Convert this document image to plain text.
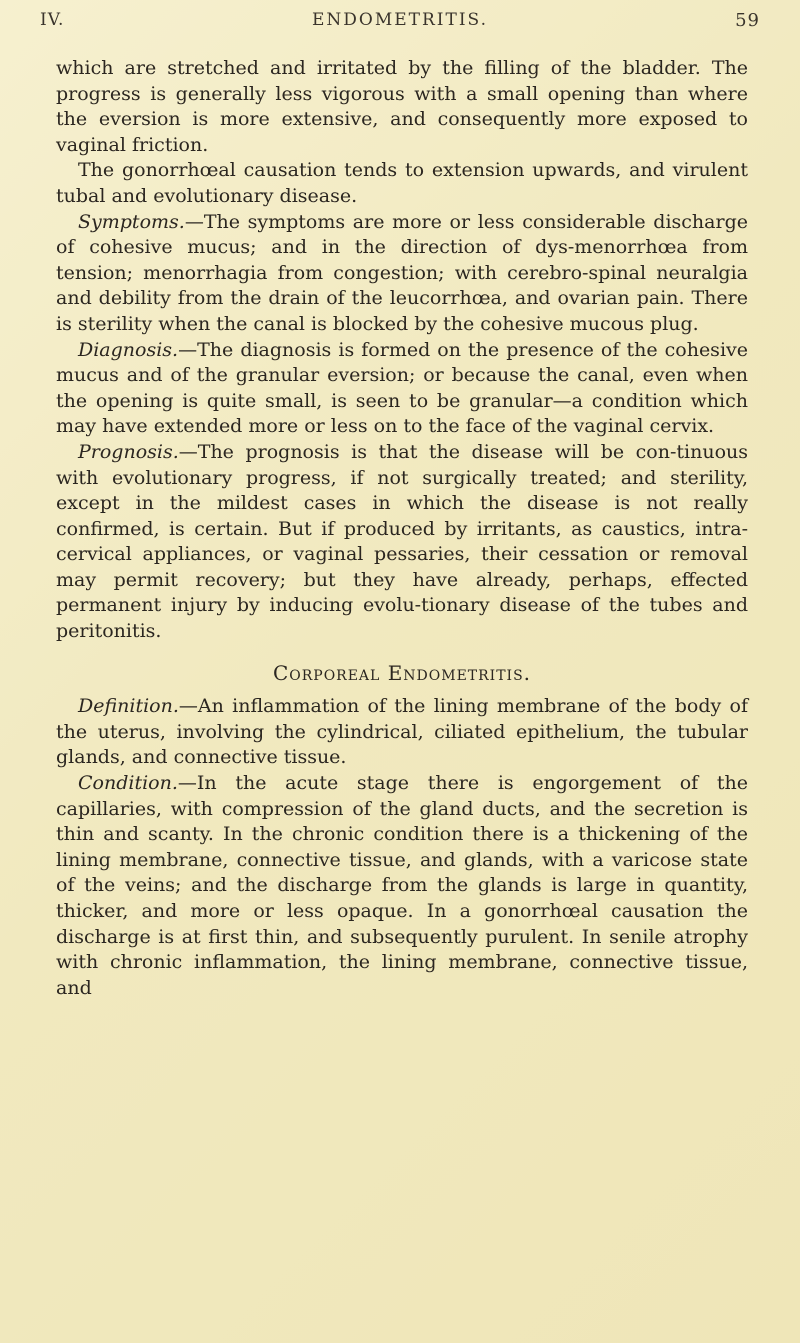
IV.	ENDOMETRITIS.	59

which are stretched and irritated by the filling of the bladder. The progress is generally less vigorous with a small opening than where the eversion is more extensive, and consequently more exposed to vaginal friction.

The gonorrhœal causation tends to extension upwards, and virulent tubal and evolutionary disease.

Symptoms.—The symptoms are more or less considerable discharge of cohesive mucus; and in the direction of dys-menorrhœa from tension; menorrhagia from congestion; with cerebro-spinal neuralgia and debility from the drain of the leucorrhœa, and ovarian pain. There is sterility when the canal is blocked by the cohesive mucous plug.

Diagnosis.—The diagnosis is formed on the presence of the cohesive mucus and of the granular eversion; or because the canal, even when the opening is quite small, is seen to be granular—a condition which may have extended more or less on to the face of the vaginal cervix.

Prognosis.—The prognosis is that the disease will be con-tinuous with evolutionary progress, if not surgically treated; and sterility, except in the mildest cases in which the disease is not really confirmed, is certain. But if produced by irritants, as caustics, intra-cervical appliances, or vaginal pessaries, their cessation or removal may permit recovery; but they have already, perhaps, effected permanent injury by inducing evolu-tionary disease of the tubes and peritonitis.

Corporeal Endometritis.

Definition.—An inflammation of the lining membrane of the body of the uterus, involving the cylindrical, ciliated epithelium, the tubular glands, and connective tissue.

Condition.—In the acute stage there is engorgement of the capillaries, with compression of the gland ducts, and the secretion is thin and scanty. In the chronic condition there is a thickening of the lining membrane, connective tissue, and glands, with a varicose state of the veins; and the discharge from the glands is large in quantity, thicker, and more or less opaque. In a gonorrhœal causation the discharge is at first thin, and subsequently purulent. In senile atrophy with chronic inflammation, the lining membrane, connective tissue, and
